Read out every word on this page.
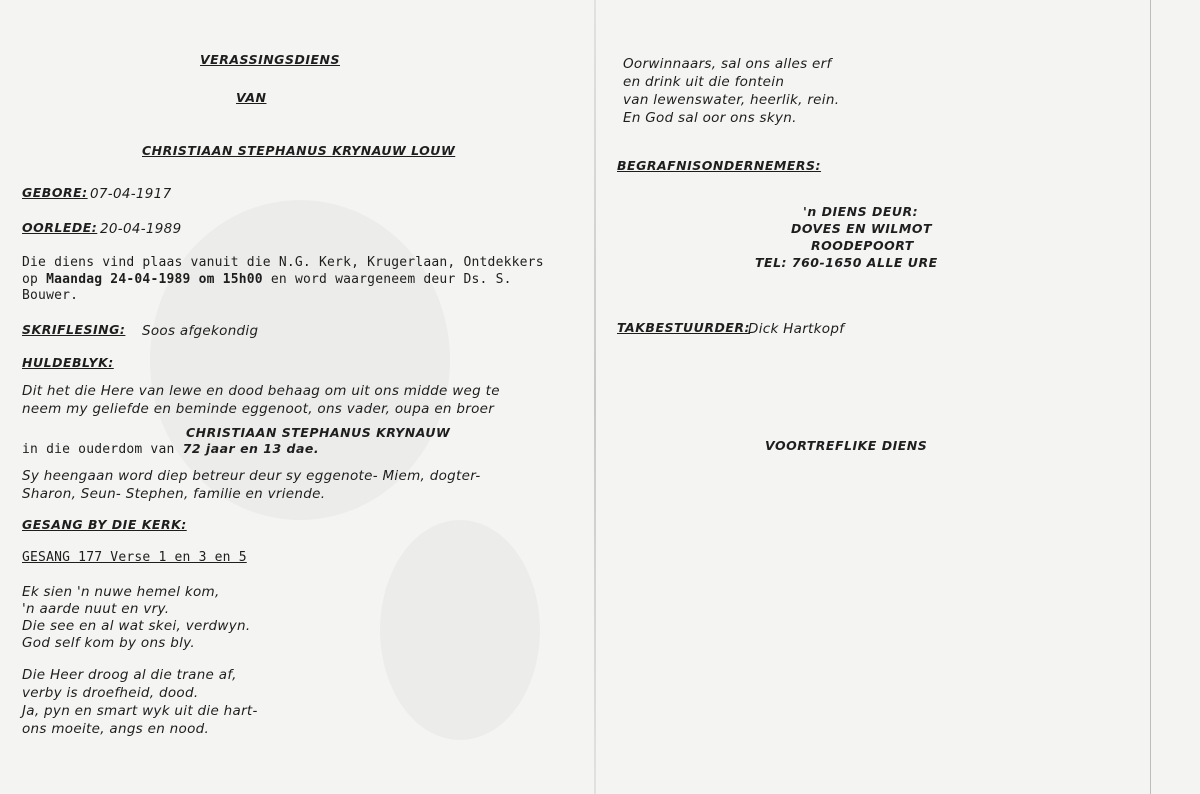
VERASSINGSDIENS
VAN
CHRISTIAAN STEPHANUS KRYNAUW LOUW
GEBORE: 07-04-1917
OORLEDE: 20-04-1989
Die diens vind plaas vanuit die N.G. Kerk, Krugerlaan, Ontdekkers
op Maandag 24-04-1989 om 15h00 en word waargeneem deur Ds. S.
Bouwer.
SKRIFLESING: Soos afgekondig
HULDEBLYK:
Dit het die Here van lewe en dood behaag om uit ons midde weg te
neem my geliefde en beminde eggenoot, ons vader, oupa en broer
CHRISTIAAN STEPHANUS KRYNAUW
in die ouderdom van 72 jaar en 13 dae.
Sy heengaan word diep betreur deur sy eggenote- Miem, dogter-
Sharon, Seun- Stephen, familie en vriende.
GESANG BY DIE KERK:
GESANG 177 Verse 1 en 3 en 5
Ek sien 'n nuwe hemel kom,
'n aarde nuut en vry.
Die see en al wat skei, verdwyn.
God self kom by ons bly.
Die Heer droog al die trane af,
verby is droefheid, dood.
Ja, pyn en smart wyk uit die hart-
ons moeite, angs en nood.
Oorwinnaars, sal ons alles erf
en drink uit die fontein
van lewenswater, heerlik, rein.
En God sal oor ons skyn.
BEGRAFNISONDERNEMERS:
'n DIENS DEUR:
DOVES EN WILMOT
ROODEPOORT
TEL: 760-1650 ALLE URE
TAKBESTUURDER:
Dick Hartkopf
VOORTREFLIKE DIENS
